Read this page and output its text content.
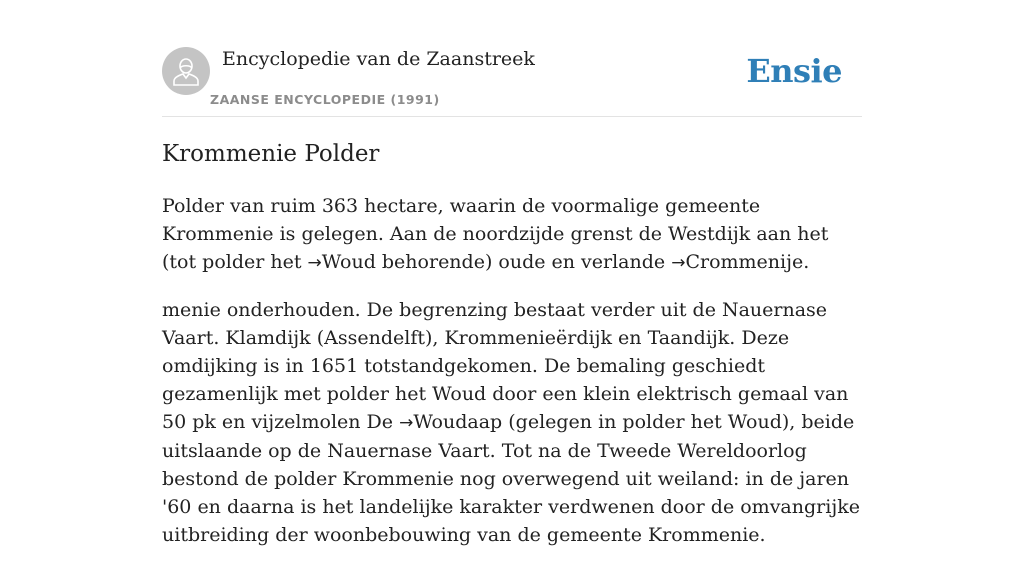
Encyclopedie van de Zaanstreek
ZAANSE ENCYCLOPEDIE (1991)
Ensie
Krommenie Polder

Polder van ruim 363 hectare, waarin de voormalige gemeente Krommenie is gelegen. Aan de noordzijde grenst de Westdijk aan het (tot polder het →Woud behorende) oude en verlande →Crommenije.

menie onderhouden. De begrenzing bestaat verder uit de Nauernase Vaart. Klamdijk (Assendelft), Krommenieërdijk en Taandijk. Deze omdijking is in 1651 totstandgekomen. De bemaling geschiedt gezamenlijk met polder het Woud door een klein elektrisch gemaal van 50 pk en vijzelmolen De →Woudaap (gelegen in polder het Woud), beide uitslaande op de Nauernase Vaart. Tot na de Tweede Wereldoorlog bestond de polder Krommenie nog overwegend uit weiland: in de jaren '60 en daarna is het landelijke karakter verdwenen door de omvangrijke uitbreiding der woonbebouwing van de gemeente Krommenie.
